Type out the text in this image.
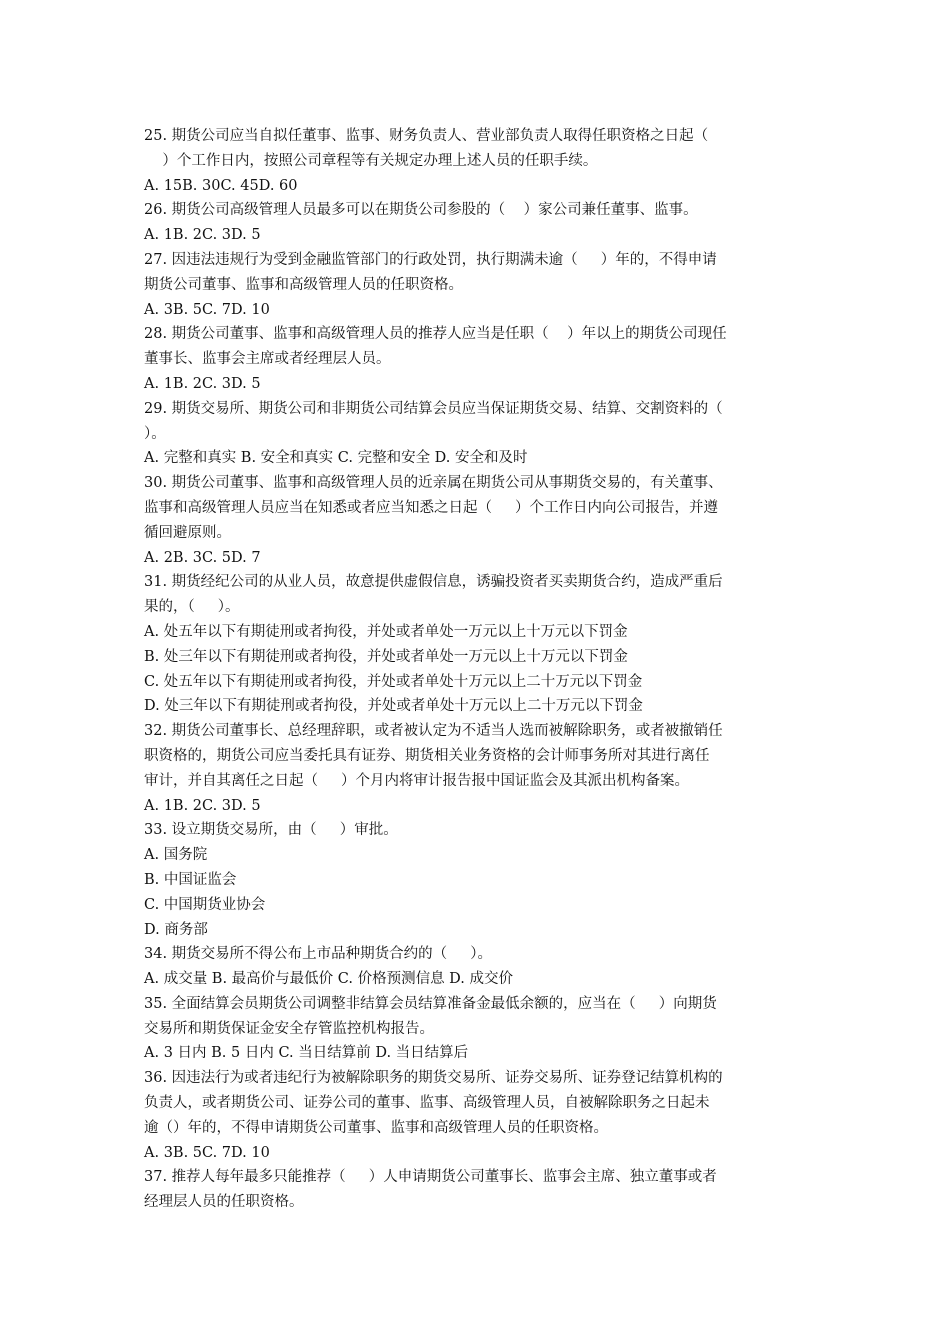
25. 期货公司应当自拟任董事、监事、财务负责人、营业部负责人取得任职资格之日起（
）个工作日内，按照公司章程等有关规定办理上述人员的任职手续。
A. 15B. 30C. 45D. 60
26. 期货公司高级管理人员最多可以在期货公司参股的（    ）家公司兼任董事、监事。
A. 1B. 2C. 3D. 5
27. 因违法违规行为受到金融监管部门的行政处罚，执行期满未逾（     ）年的，不得申请
期货公司董事、监事和高级管理人员的任职资格。
A. 3B. 5C. 7D. 10
28. 期货公司董事、监事和高级管理人员的推荐人应当是任职（    ）年以上的期货公司现任
董事长、监事会主席或者经理层人员。
A. 1B. 2C. 3D. 5
29. 期货交易所、期货公司和非期货公司结算会员应当保证期货交易、结算、交割资料的（
）。
A. 完整和真实 B. 安全和真实 C. 完整和安全 D. 安全和及时
30. 期货公司董事、监事和高级管理人员的近亲属在期货公司从事期货交易的，有关董事、
监事和高级管理人员应当在知悉或者应当知悉之日起（     ）个工作日内向公司报告，并遵
循回避原则。
A. 2B. 3C. 5D. 7
31. 期货经纪公司的从业人员，故意提供虚假信息，诱骗投资者买卖期货合约，造成严重后
果的，（     ）。
A. 处五年以下有期徒刑或者拘役，并处或者单处一万元以上十万元以下罚金
B. 处三年以下有期徒刑或者拘役，并处或者单处一万元以上十万元以下罚金
C. 处五年以下有期徒刑或者拘役，并处或者单处十万元以上二十万元以下罚金
D. 处三年以下有期徒刑或者拘役，并处或者单处十万元以上二十万元以下罚金
32. 期货公司董事长、总经理辞职，或者被认定为不适当人选而被解除职务，或者被撤销任
职资格的，期货公司应当委托具有证券、期货相关业务资格的会计师事务所对其进行离任
审计，并自其离任之日起（     ）个月内将审计报告报中国证监会及其派出机构备案。
A. 1B. 2C. 3D. 5
33. 设立期货交易所，由（     ）审批。
A. 国务院
B. 中国证监会
C. 中国期货业协会
D. 商务部
34. 期货交易所不得公布上市品种期货合约的（     ）。
A. 成交量 B. 最高价与最低价 C. 价格预测信息 D. 成交价
35. 全面结算会员期货公司调整非结算会员结算准备金最低余额的，应当在（     ）向期货
交易所和期货保证金安全存管监控机构报告。
A. 3 日内 B. 5 日内 C. 当日结算前 D. 当日结算后
36. 因违法行为或者违纪行为被解除职务的期货交易所、证券交易所、证券登记结算机构的
负责人，或者期货公司、证券公司的董事、监事、高级管理人员，自被解除职务之日起未
逾（）年的，不得申请期货公司董事、监事和高级管理人员的任职资格。
A. 3B. 5C. 7D. 10
37. 推荐人每年最多只能推荐（     ）人申请期货公司董事长、监事会主席、独立董事或者
经理层人员的任职资格。
